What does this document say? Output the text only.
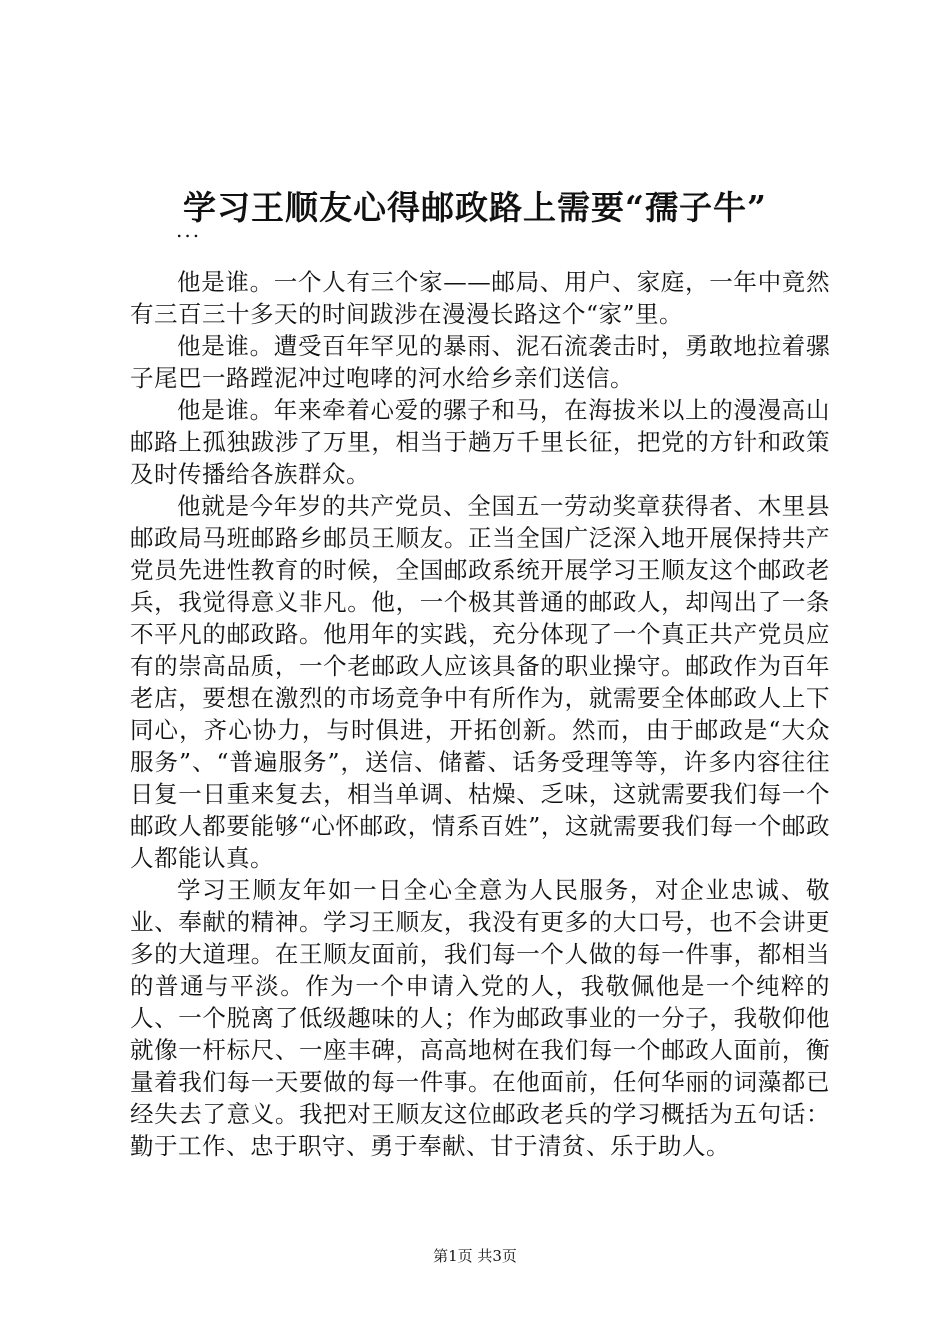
学习王顺友心得邮政路上需要“孺子牛”
...

他是谁。一个人有三个家——邮局、用户、家庭，一年中竟然有三百三十多天的时间跋涉在漫漫长路这个“家”里。

他是谁。遭受百年罕见的暴雨、泥石流袭击时，勇敢地拉着骡子尾巴一路蹚泥冲过咆哮的河水给乡亲们送信。

他是谁。年来牵着心爱的骡子和马，在海拔米以上的漫漫高山邮路上孤独跋涉了万里，相当于趟万千里长征，把党的方针和政策及时传播给各族群众。

他就是今年岁的共产党员、全国五一劳动奖章获得者、木里县邮政局马班邮路乡邮员王顺友。正当全国广泛深入地开展保持共产党员先进性教育的时候，全国邮政系统开展学习王顺友这个邮政老兵，我觉得意义非凡。他，一个极其普通的邮政人，却闯出了一条不平凡的邮政路。他用年的实践，充分体现了一个真正共产党员应有的崇高品质，一个老邮政人应该具备的职业操守。邮政作为百年老店，要想在激烈的市场竞争中有所作为，就需要全体邮政人上下同心，齐心协力，与时俱进，开拓创新。然而，由于邮政是“大众服务”、“普遍服务”，送信、储蓄、话务受理等等，许多内容往往日复一日重来复去，相当单调、枯燥、乏味，这就需要我们每一个邮政人都要能够“心怀邮政，情系百姓”，这就需要我们每一个邮政人都能认真。

学习王顺友年如一日全心全意为人民服务，对企业忠诚、敬业、奉献的精神。学习王顺友，我没有更多的大口号，也不会讲更多的大道理。在王顺友面前，我们每一个人做的每一件事，都相当的普通与平淡。作为一个申请入党的人，我敬佩他是一个纯粹的人、一个脱离了低级趣味的人；作为邮政事业的一分子，我敬仰他就像一杆标尺、一座丰碑，高高地树在我们每一个邮政人面前，衡量着我们每一天要做的每一件事。在他面前，任何华丽的词藻都已经失去了意义。我把对王顺友这位邮政老兵的学习概括为五句话：勤于工作、忠于职守、勇于奉献、甘于清贫、乐于助人。

第1页 共3页
